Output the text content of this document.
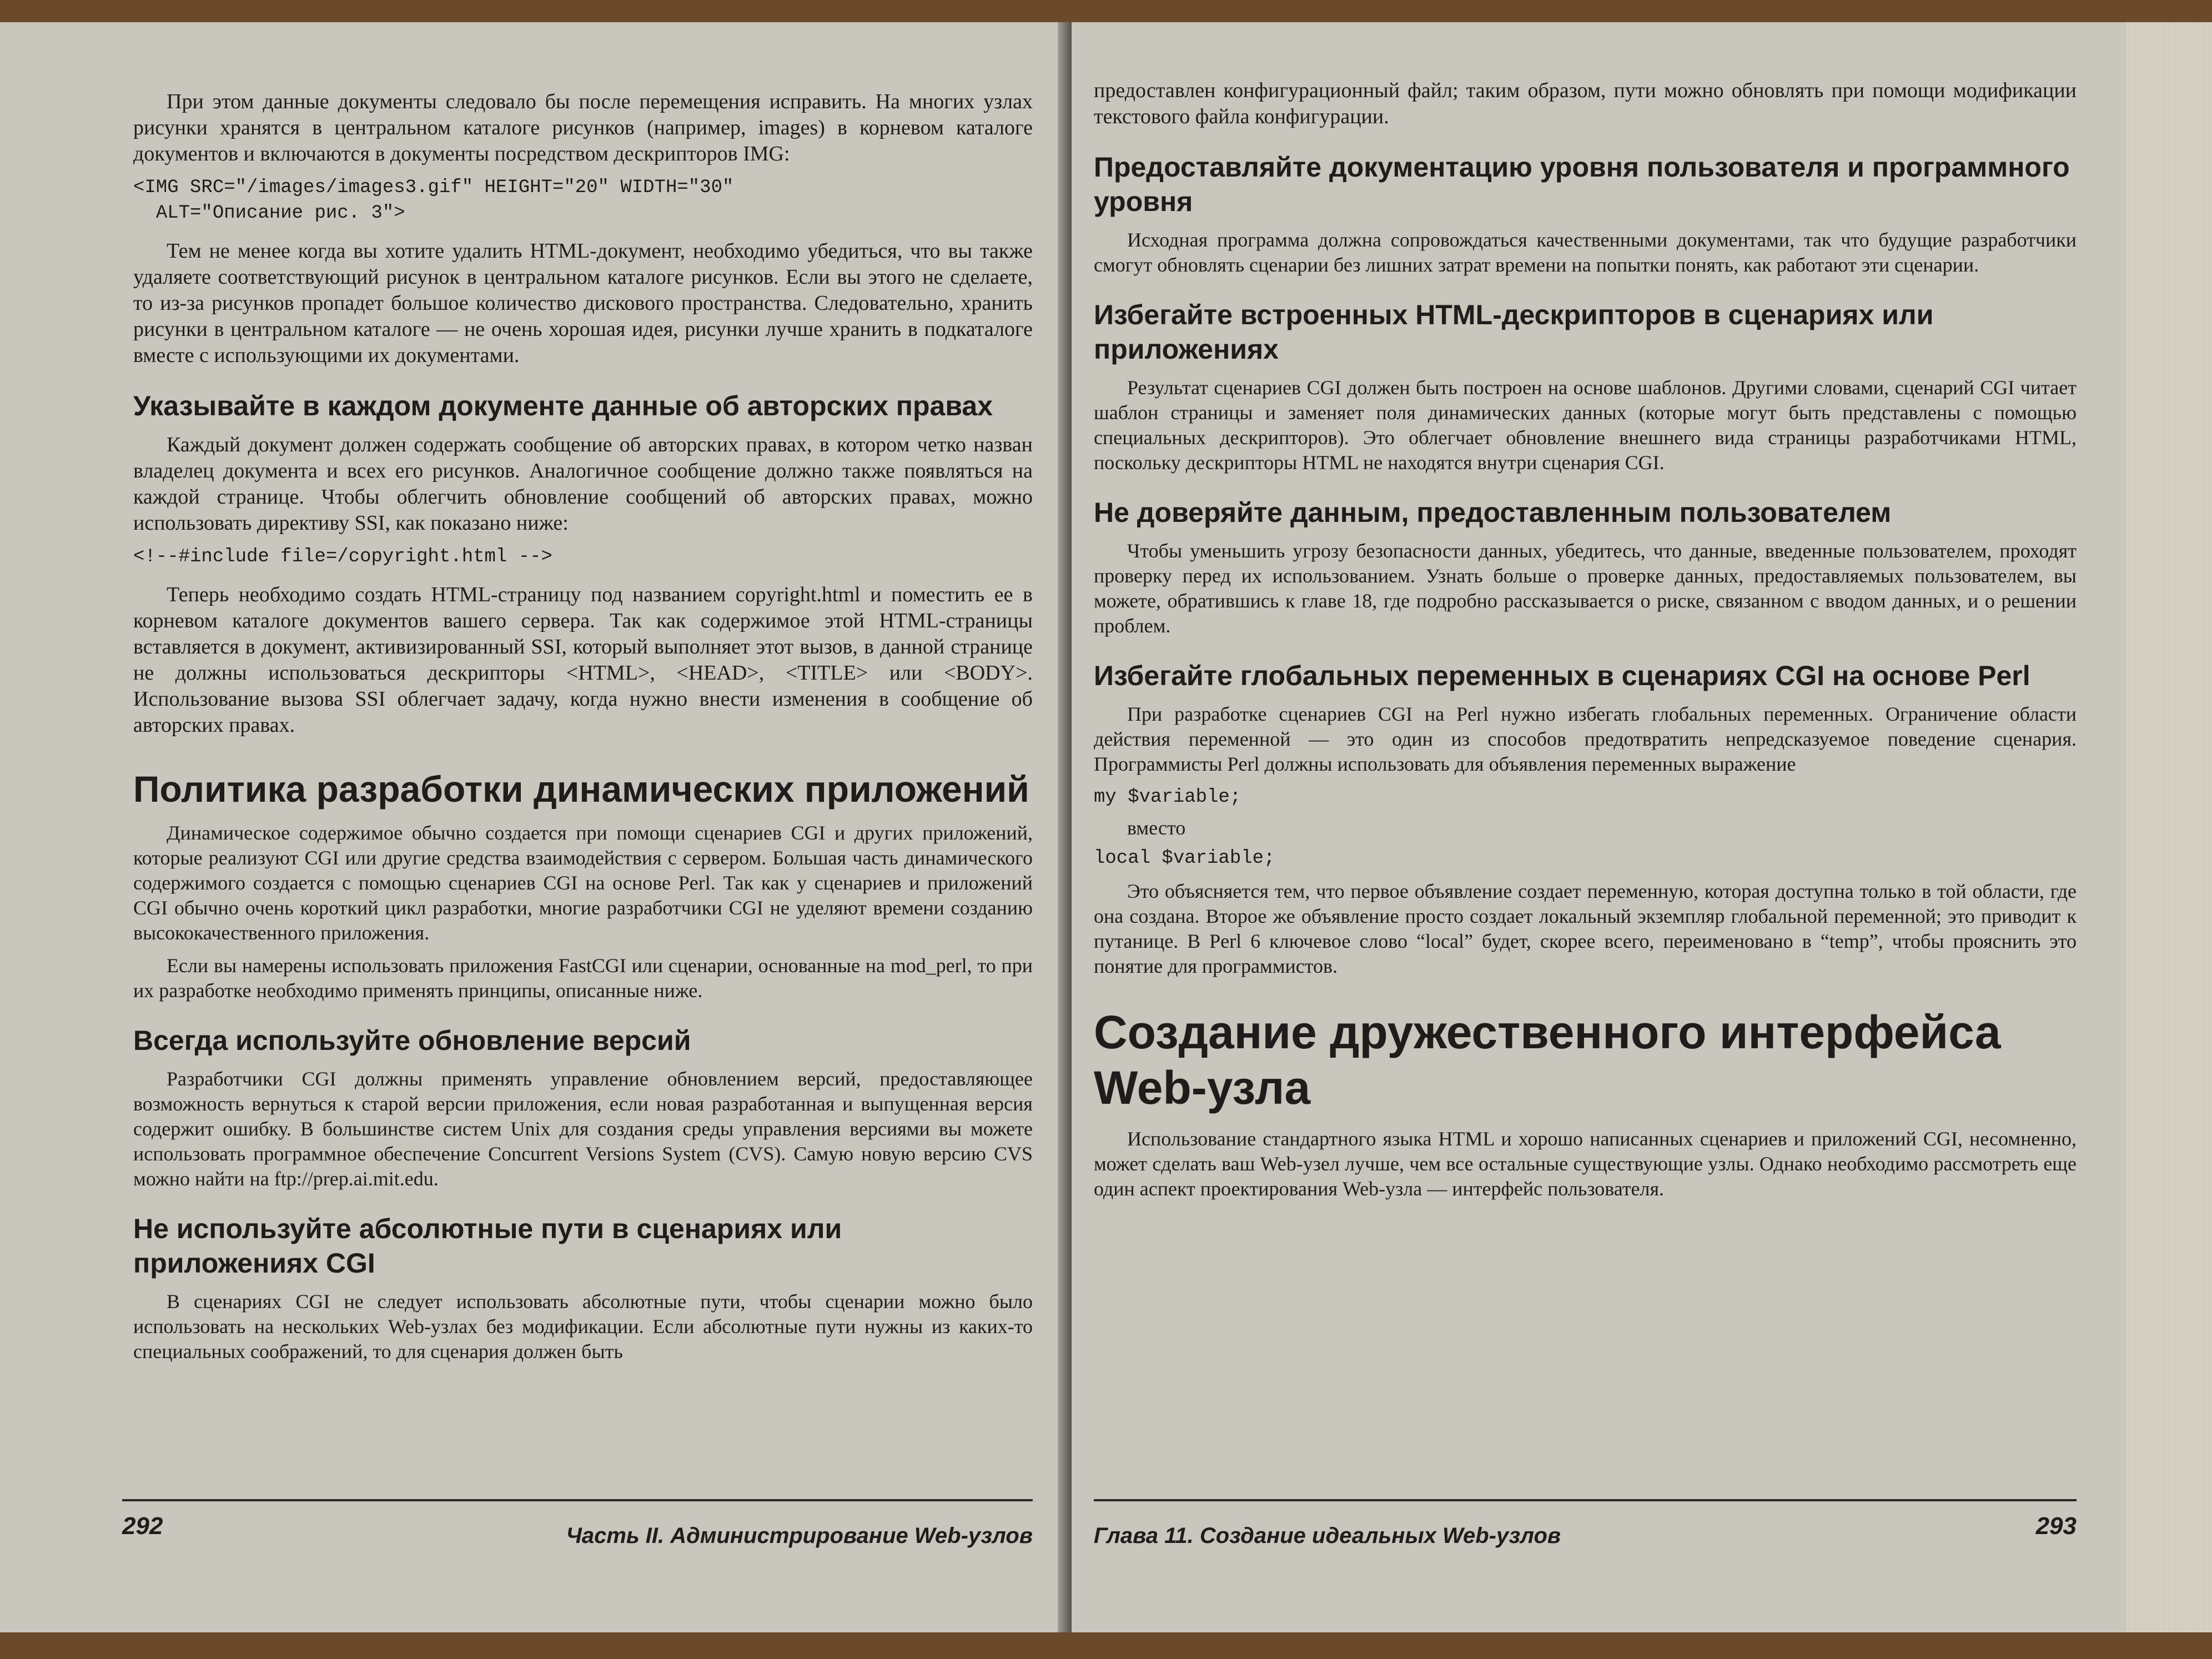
При этом данные документы следовало бы после перемещения исправить. На многих узлах рисунки хранятся в центральном каталоге рисунков (например, images) в корневом каталоге документов и включаются в документы посредством дескрипторов IMG:

<IMG SRC="/images/images3.gif" HEIGHT="20" WIDTH="30"
ALT="Описание рис. 3">

Тем не менее когда вы хотите удалить HTML-документ, необходимо убедиться, что вы также удаляете соответствующий рисунок в центральном каталоге рисунков. Если вы этого не сделаете, то из-за рисунков пропадет большое количество дискового пространства. Следовательно, хранить рисунки в центральном каталоге — не очень хорошая идея, рисунки лучше хранить в подкаталоге вместе с использующими их документами.

Указывайте в каждом документе данные об авторских правах

Каждый документ должен содержать сообщение об авторских правах, в котором четко назван владелец документа и всех его рисунков. Аналогичное сообщение должно также появляться на каждой странице. Чтобы облегчить обновление сообщений об авторских правах, можно использовать директиву SSI, как показано ниже:

<!--#include file=/copyright.html -->

Теперь необходимо создать HTML-страницу под названием copyright.html и поместить ее в корневом каталоге документов вашего сервера. Так как содержимое этой HTML-страницы вставляется в документ, активизированный SSI, который выполняет этот вызов, в данной странице не должны использоваться дескрипторы <HTML>, <HEAD>, <TITLE> или <BODY>. Использование вызова SSI облегчает задачу, когда нужно внести изменения в сообщение об авторских правах.

Политика разработки динамических приложений

Динамическое содержимое обычно создается при помощи сценариев CGI и других приложений, которые реализуют CGI или другие средства взаимодействия с сервером. Большая часть динамического содержимого создается с помощью сценариев CGI на основе Perl. Так как у сценариев и приложений CGI обычно очень короткий цикл разработки, многие разработчики CGI не уделяют времени созданию высококачественного приложения.

Если вы намерены использовать приложения FastCGI или сценарии, основанные на mod_perl, то при их разработке необходимо применять принципы, описанные ниже.

Всегда используйте обновление версий

Разработчики CGI должны применять управление обновлением версий, предоставляющее возможность вернуться к старой версии приложения, если новая разработанная и выпущенная версия содержит ошибку. В большинстве систем Unix для создания среды управления версиями вы можете использовать программное обеспечение Concurrent Versions System (CVS). Самую новую версию CVS можно найти на ftp://prep.ai.mit.edu.

Не используйте абсолютные пути в сценариях или приложениях CGI

В сценариях CGI не следует использовать абсолютные пути, чтобы сценарии можно было использовать на нескольких Web-узлах без модификации. Если абсолютные пути нужны из каких-то специальных соображений, то для сценария должен быть

292	Часть II. Администрирование Web-узлов

предоставлен конфигурационный файл; таким образом, пути можно обновлять при помощи модификации текстового файла конфигурации.

Предоставляйте документацию уровня пользователя и программного уровня

Исходная программа должна сопровождаться качественными документами, так что будущие разработчики смогут обновлять сценарии без лишних затрат времени на попытки понять, как работают эти сценарии.

Избегайте встроенных HTML-дескрипторов в сценариях или приложениях

Результат сценариев CGI должен быть построен на основе шаблонов. Другими словами, сценарий CGI читает шаблон страницы и заменяет поля динамических данных (которые могут быть представлены с помощью специальных дескрипторов). Это облегчает обновление внешнего вида страницы разработчиками HTML, поскольку дескрипторы HTML не находятся внутри сценария CGI.

Не доверяйте данным, предоставленным пользователем

Чтобы уменьшить угрозу безопасности данных, убедитесь, что данные, введенные пользователем, проходят проверку перед их использованием. Узнать больше о проверке данных, предоставляемых пользователем, вы можете, обратившись к главе 18, где подробно рассказывается о риске, связанном с вводом данных, и о решении проблем.

Избегайте глобальных переменных в сценариях CGI на основе Perl

При разработке сценариев CGI на Perl нужно избегать глобальных переменных. Ограничение области действия переменной — это один из способов предотвратить непредсказуемое поведение сценария. Программисты Perl должны использовать для объявления переменных выражение

my $variable;

вместо

local $variable;

Это объясняется тем, что первое объявление создает переменную, которая доступна только в той области, где она создана. Второе же объявление просто создает локальный экземпляр глобальной переменной; это приводит к путанице. В Perl 6 ключевое слово “local” будет, скорее всего, переименовано в “temp”, чтобы прояснить это понятие для программистов.

Создание дружественного интерфейса Web-узла

Использование стандартного языка HTML и хорошо написанных сценариев и приложений CGI, несомненно, может сделать ваш Web-узел лучше, чем все остальные существующие узлы. Однако необходимо рассмотреть еще один аспект проектирования Web-узла — интерфейс пользователя.

Глава 11. Создание идеальных Web-узлов	293
